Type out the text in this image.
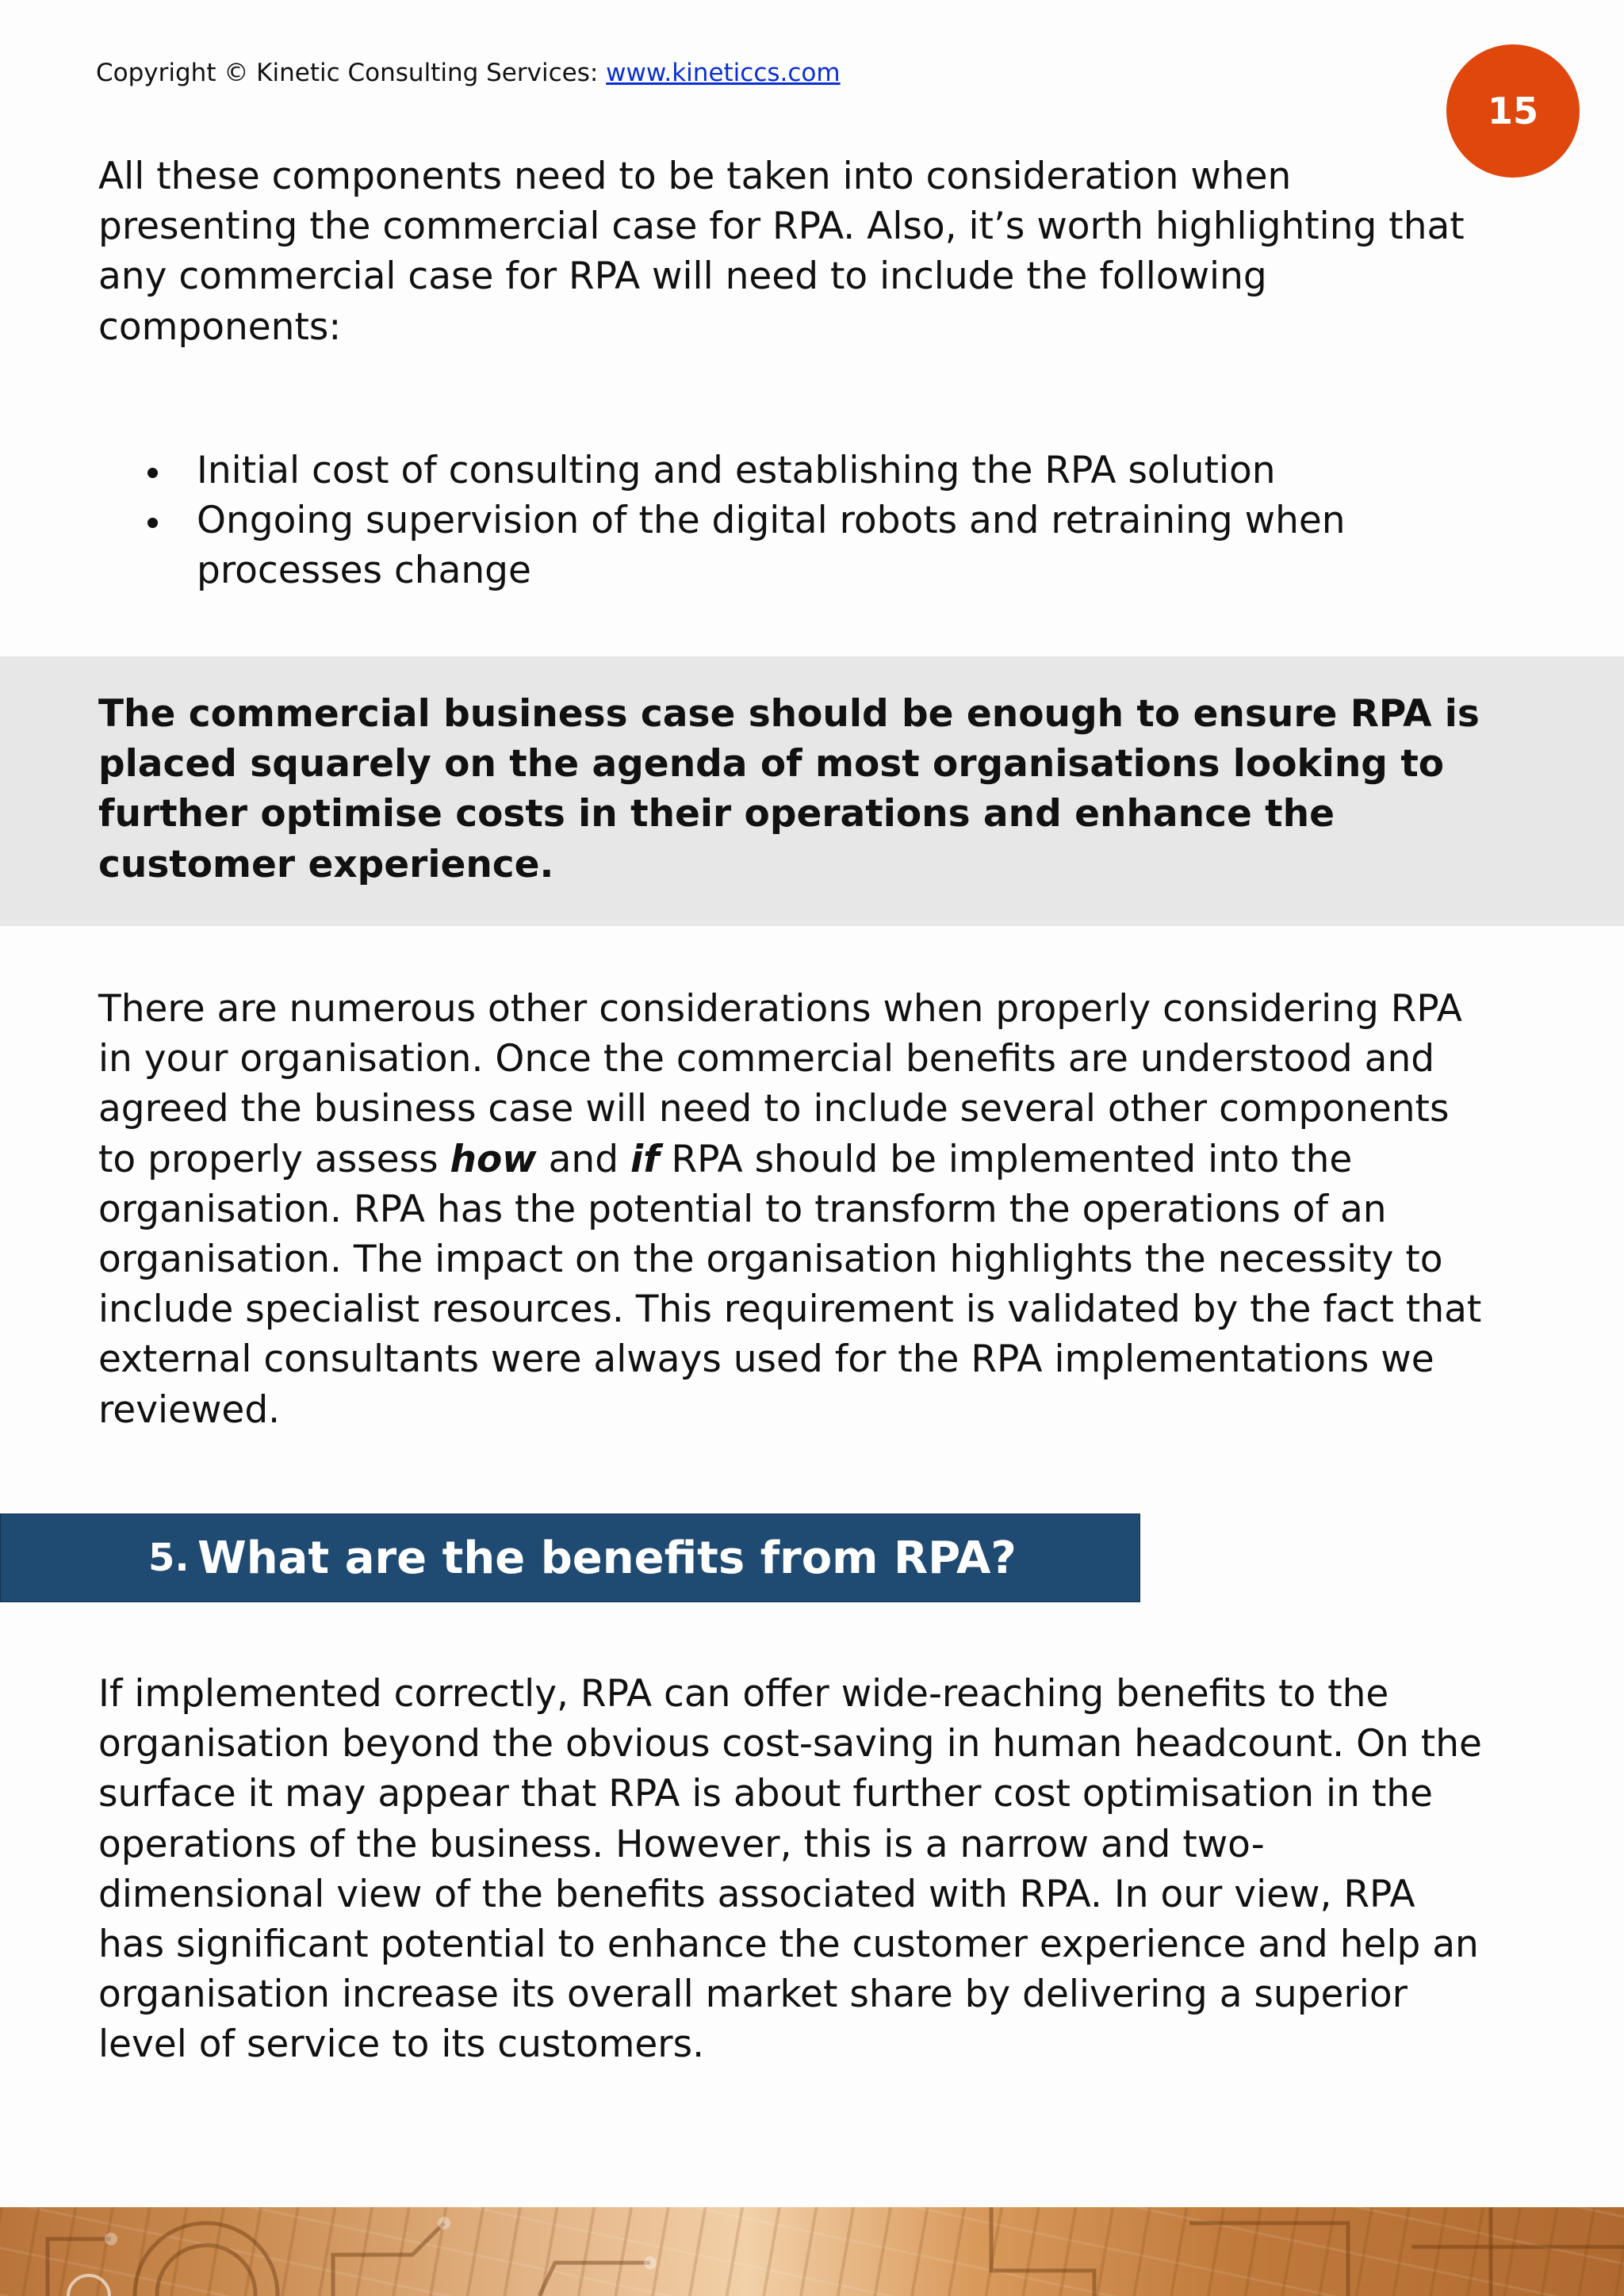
Copyright © Kinetic Consulting Services: www.kineticcs.com
15

All these components need to be taken into consideration when
presenting the commercial case for RPA. Also, it’s worth highlighting that
any commercial case for RPA will need to include the following
components:

Initial cost of consulting and establishing the RPA solution
Ongoing supervision of the digital robots and retraining when
processes change

The commercial business case should be enough to ensure RPA is
placed squarely on the agenda of most organisations looking to
further optimise costs in their operations and enhance the
customer experience.

There are numerous other considerations when properly considering RPA
in your organisation. Once the commercial benefits are understood and
agreed the business case will need to include several other components
to properly assess how and if RPA should be implemented into the
organisation. RPA has the potential to transform the operations of an
organisation. The impact on the organisation highlights the necessity to
include specialist resources. This requirement is validated by the fact that
external consultants were always used for the RPA implementations we
reviewed.

5. What are the benefits from RPA?

If implemented correctly, RPA can offer wide-reaching benefits to the
organisation beyond the obvious cost-saving in human headcount. On the
surface it may appear that RPA is about further cost optimisation in the
operations of the business. However, this is a narrow and two-
dimensional view of the benefits associated with RPA. In our view, RPA
has significant potential to enhance the customer experience and help an
organisation increase its overall market share by delivering a superior
level of service to its customers.
